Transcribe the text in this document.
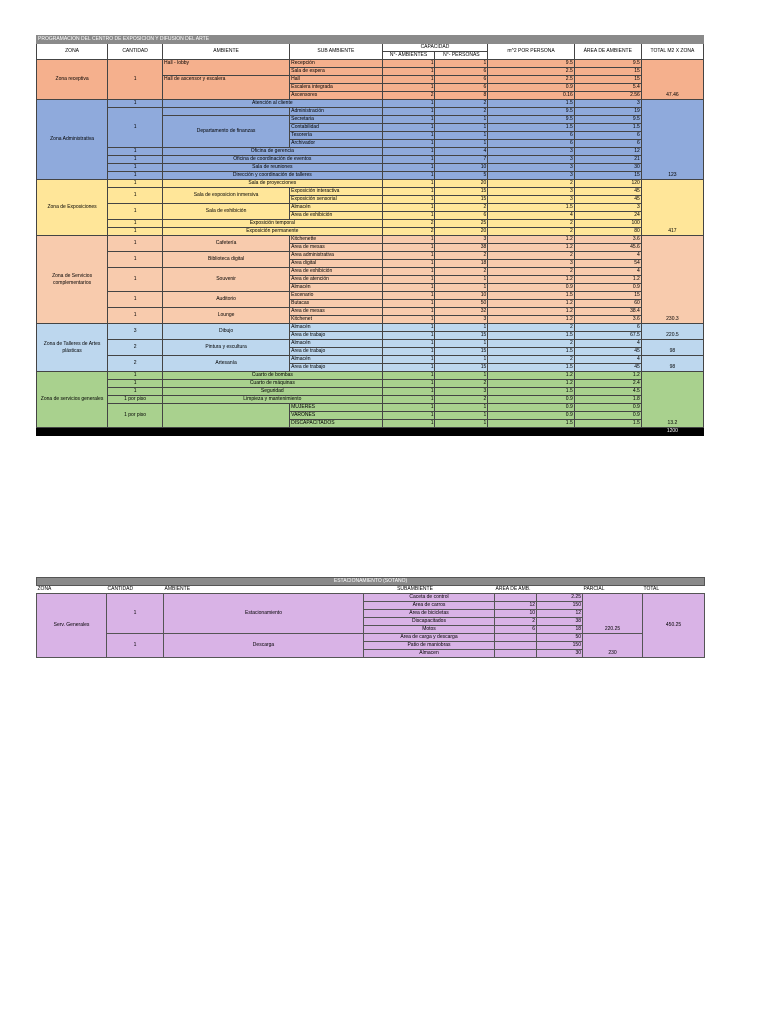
PROGRAMACION DEL CENTRO DE EXPOSICIÓN Y DIFUSIÓN DEL ARTE								
ZONA	CANTIDAD	AMBIENTE	SUB AMBIENTE	CAPACIDAD		m^2 POR PERSONA	ÁREA DE AMBIENTE	TOTAL M2 X ZONA
				N°- AMBIENTES	N°- PERSONAS			
Zona receptiva	1	Hall - lobby	Recepción	1	1	9.5	9.5	47.46
			Sala de espera	1	6	2.5	15	
		Hall de ascensor y escalera	Hall	1	6	2.5	15	
			Escalera integrada	1	6	0.9	5.4	
			Ascensores	2	8	0.16	2.56	
Zona Administrativa	1	Atención al cliente		1	2	1.5	3	123
	1		Administración	1	2	9.5	19	
		Departamento de finanzas	Secretaria	1	1	9.5	9.5	
			Contabilidad	1	1	1.5	1.5	
			Tesorería	1	1	6	6	
			Archivador	1	1	6	6	
	1	Oficina de gerencia		1	4	3	12	
	1	Oficina de coordinación de eventos		1	7	3	21	
	1	Sala de reuniones		1	10	3	30	
	1	Dirección y coordinación de talleres		1	5	3	15	
Zona de Exposiciones	1	Sala de proyecciones		1	20	2	120	417
	1	Sala de exposicion inmersiva	Exposición interactiva	1	15	3	45	
			Exposición sensorial	1	15	3	45	
	1	Sala de exhibición	Almacén	1	2	1.5	3	
			Área de exhibición	1	6	4	24	
	1	Exposición temporal		2	25	2	100	
	1	Exposición permanente		2	20	2	80	
Zona de Servicios complementarios	1	Cafetería	Kitchenette	1	3	1.2	3.6	230.3
			Área de mesas	1	38	1.2	45.6	
	1	Biblioteca digital	Área administrativa	1	2	2	4	
			Área digital	1	18	3	54	
	1	Souvenir	Área de exhibición	1	2	2	4	
			Área de atención	1	1	1.2	1.2	
			Almacén	1	1	0.9	0.9	
	1	Auditorio	Escenario	1	10	1.5	15	
			Butacas	1	50	1.2	60	
	1	Lounge	Área de mesas	1	32	1.2	38.4	
			Kitchenet	1	3	1.2	3.6	
Zona de Talleres de Artes plásticas	3	Dibujo	Almacén	1	1	2	6	220.5
			Área de trabajo	1	15	1.5	67.5	
	2	Pintura y escultura	Almacén	1	1	2	4	98
			Área de trabajo	1	15	1.5	45	
	2	Artesanía	Almacén	1	1	2	4	98
			Área de trabajo	1	15	1.5	45	
Zona de servicios generales	1	Cuarto de bombas		1	1	1.2	1.2	13.2
	1	Cuarto de máquinas		1	2	1.2	2.4	
	1	Seguridad		1	3	1.5	4.5	
	1 por piso	Limpieza y mantenimiento		1	2	0.9	1.8	
	1 por piso		MUJERES	1	1	0.9	0.9	
			VARONES	1	1	0.9	0.9	
			DISCAPACITADOS	1	1	1.5	1.5	
								1200
ESTACIONAMIENTO (SOTANO)									
ZONA	CANTIDAD	AMBIENTE		SUBAMBIENTE		AREA DE AMB.		PARCIAL	TOTAL
Serv. Generales	1	Estacionamiento		Caceta de control			2.25	220.25	450.25
				Área de carros		12	150		
				Área de bicicletas		10	12		
				Discapacitados		2	38		
				Motos		6	18		
	1	Descarga		Area de carga y descarga			50	230	
				Patio de maniobras			150		
				Almacen			30		
